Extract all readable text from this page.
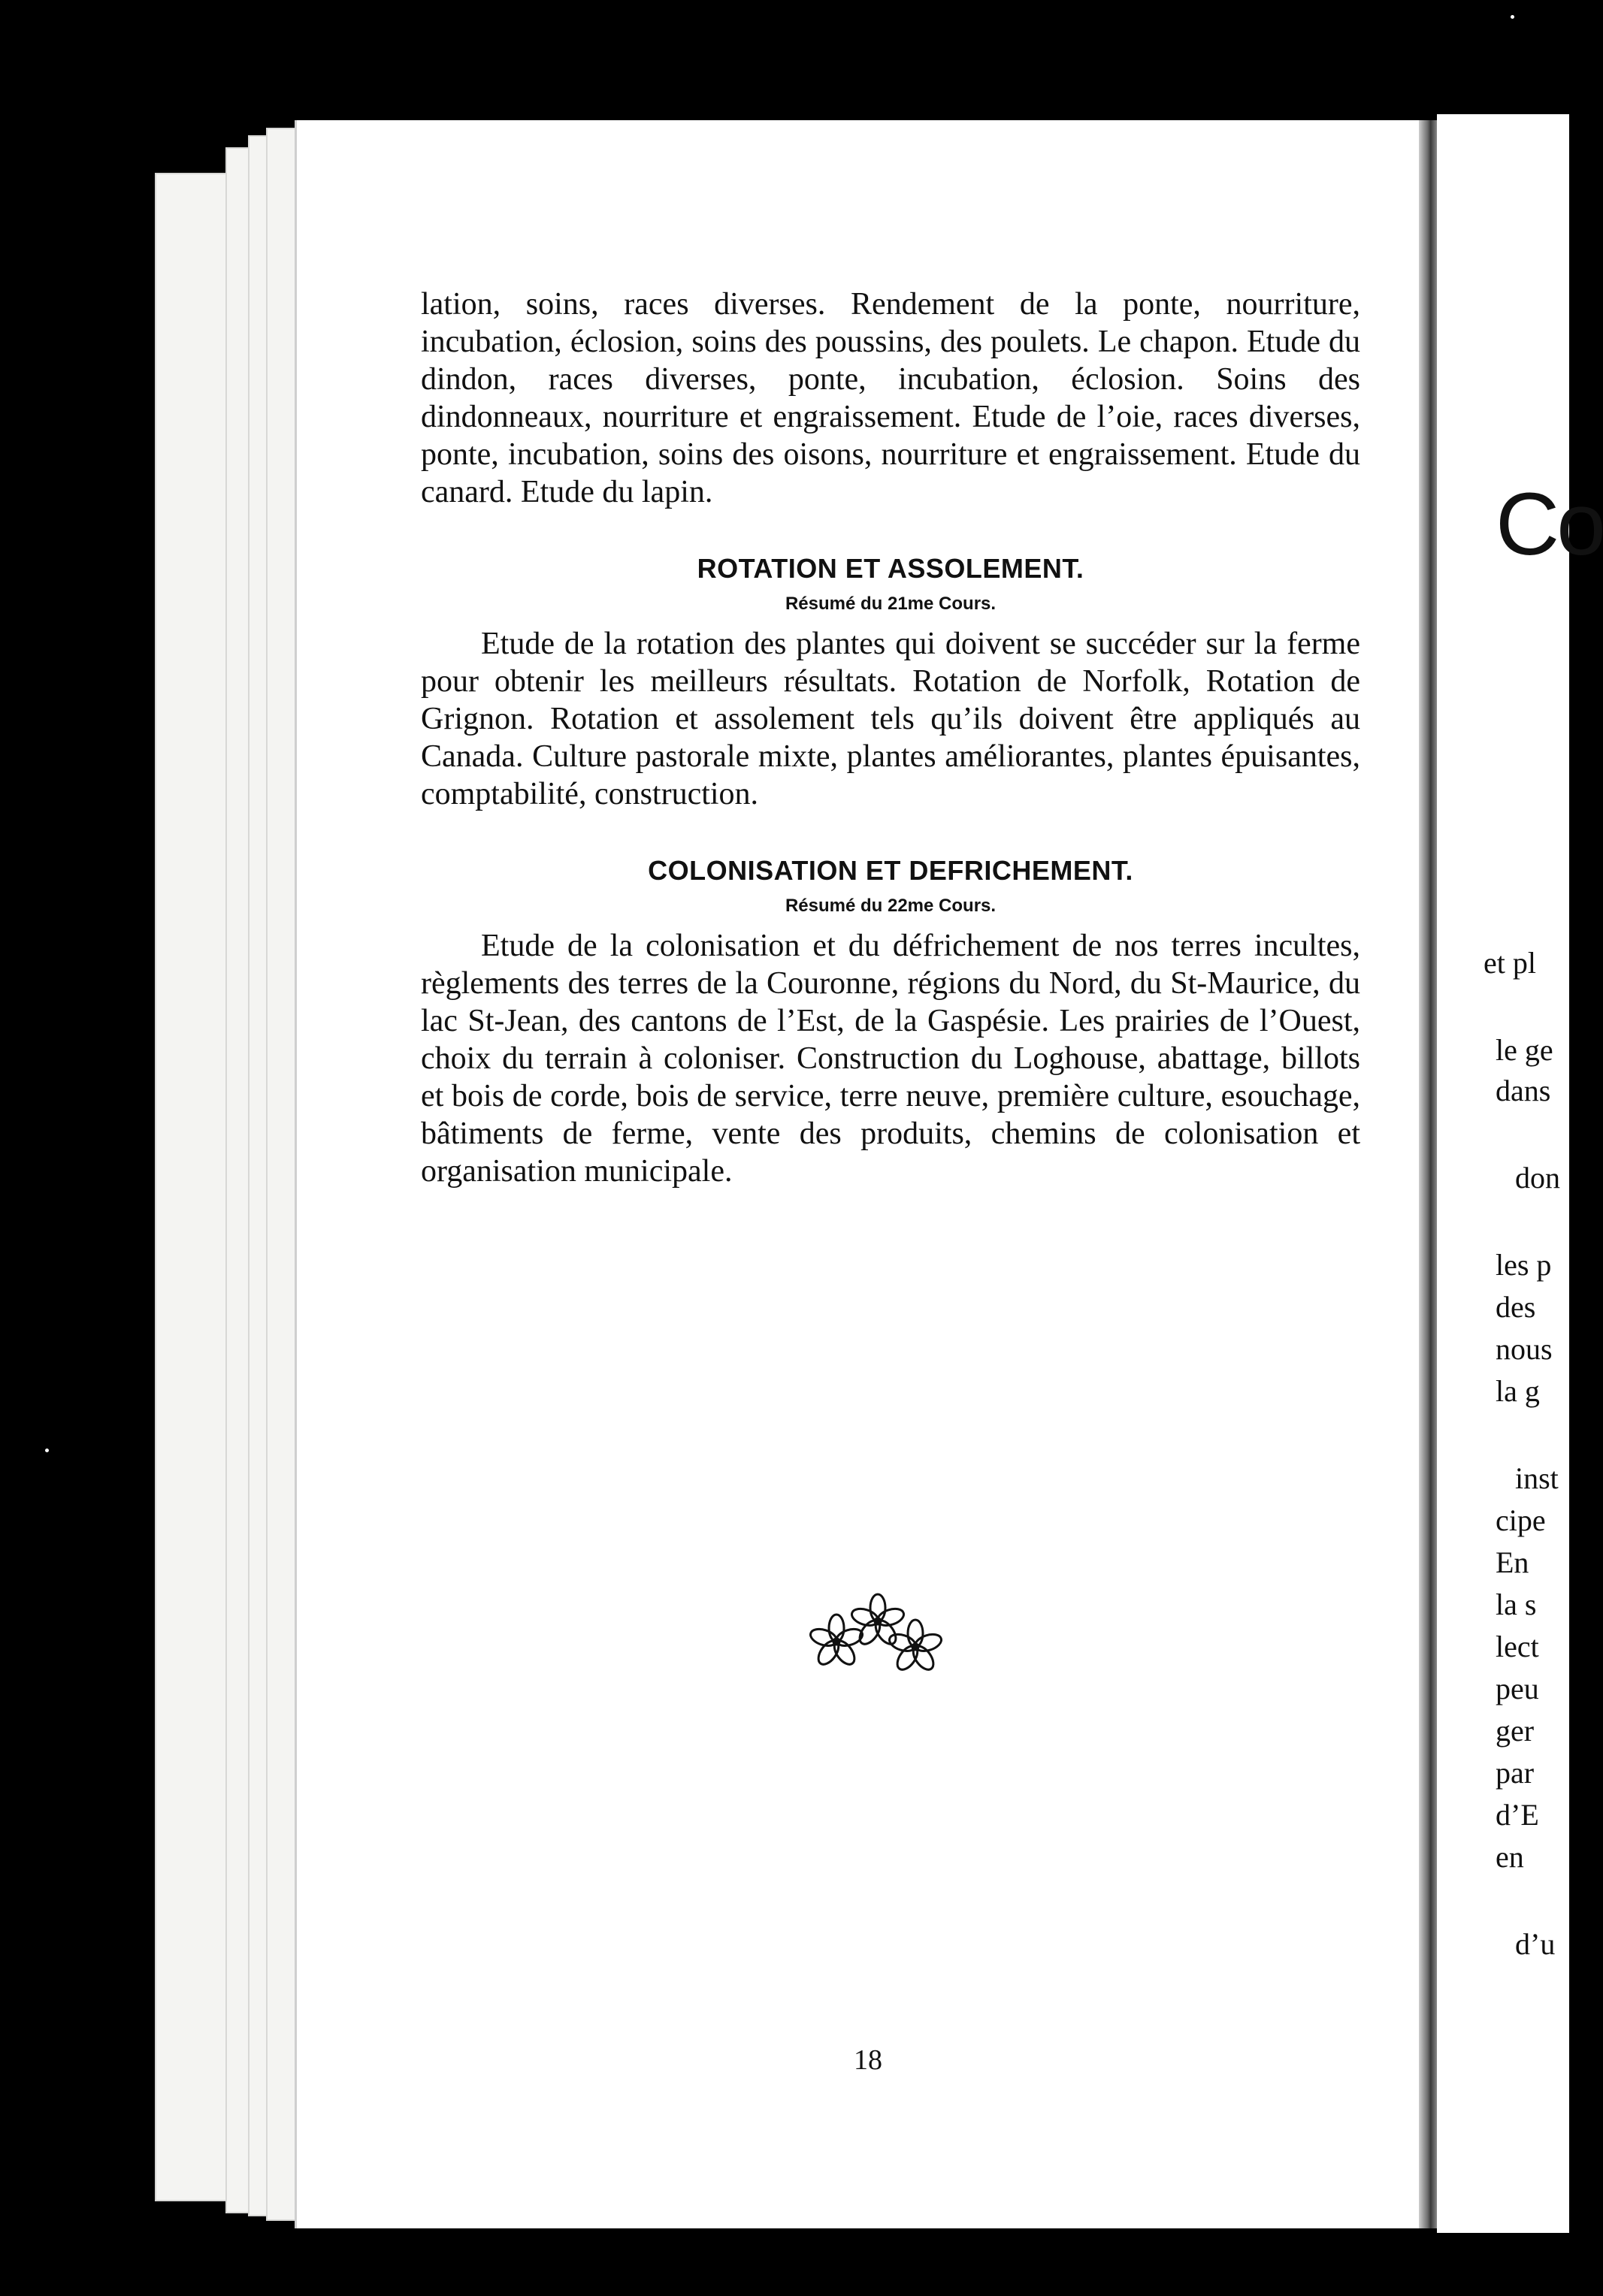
lation, soins, races diverses. Rendement de la ponte, nourriture, incubation, éclosion, soins des poussins, des poulets. Le chapon. Etude du dindon, races diverses, ponte, incubation, éclosion. Soins des dindonneaux, nourriture et engraissement. Etude de l’oie, races diverses, ponte, incubation, soins des oisons, nourriture et engraissement. Etude du canard. Etude du lapin.

ROTATION ET ASSOLEMENT.
Résumé du 21me Cours.

Etude de la rotation des plantes qui doivent se succéder sur la ferme pour obtenir les meilleurs résultats. Rotation de Norfolk, Rotation de Grignon. Rotation et assolement tels qu’ils doivent être appliqués au Canada. Culture pastorale mixte, plantes améliorantes, plantes épuisantes, comptabilité, construction.

COLONISATION ET DEFRICHEMENT.
Résumé du 22me Cours.

Etude de la colonisation et du défrichement de nos terres incultes, règlements des terres de la Couronne, régions du Nord, du St-Maurice, du lac St-Jean, des cantons de l’Est, de la Gaspésie. Les prairies de l’Ouest, choix du terrain à coloniser. Construction du Loghouse, abattage, billots et bois de corde, bois de service, terre neuve, première culture, esouchage, bâtiments de ferme, vente des produits, chemins de colonisation et organisation municipale.

18
Co
et pl
le ge
dans
don
les p
des
nous
la g
inst
cipe
En
la s
lect
peu
ger
par
d’E
en
d’u
